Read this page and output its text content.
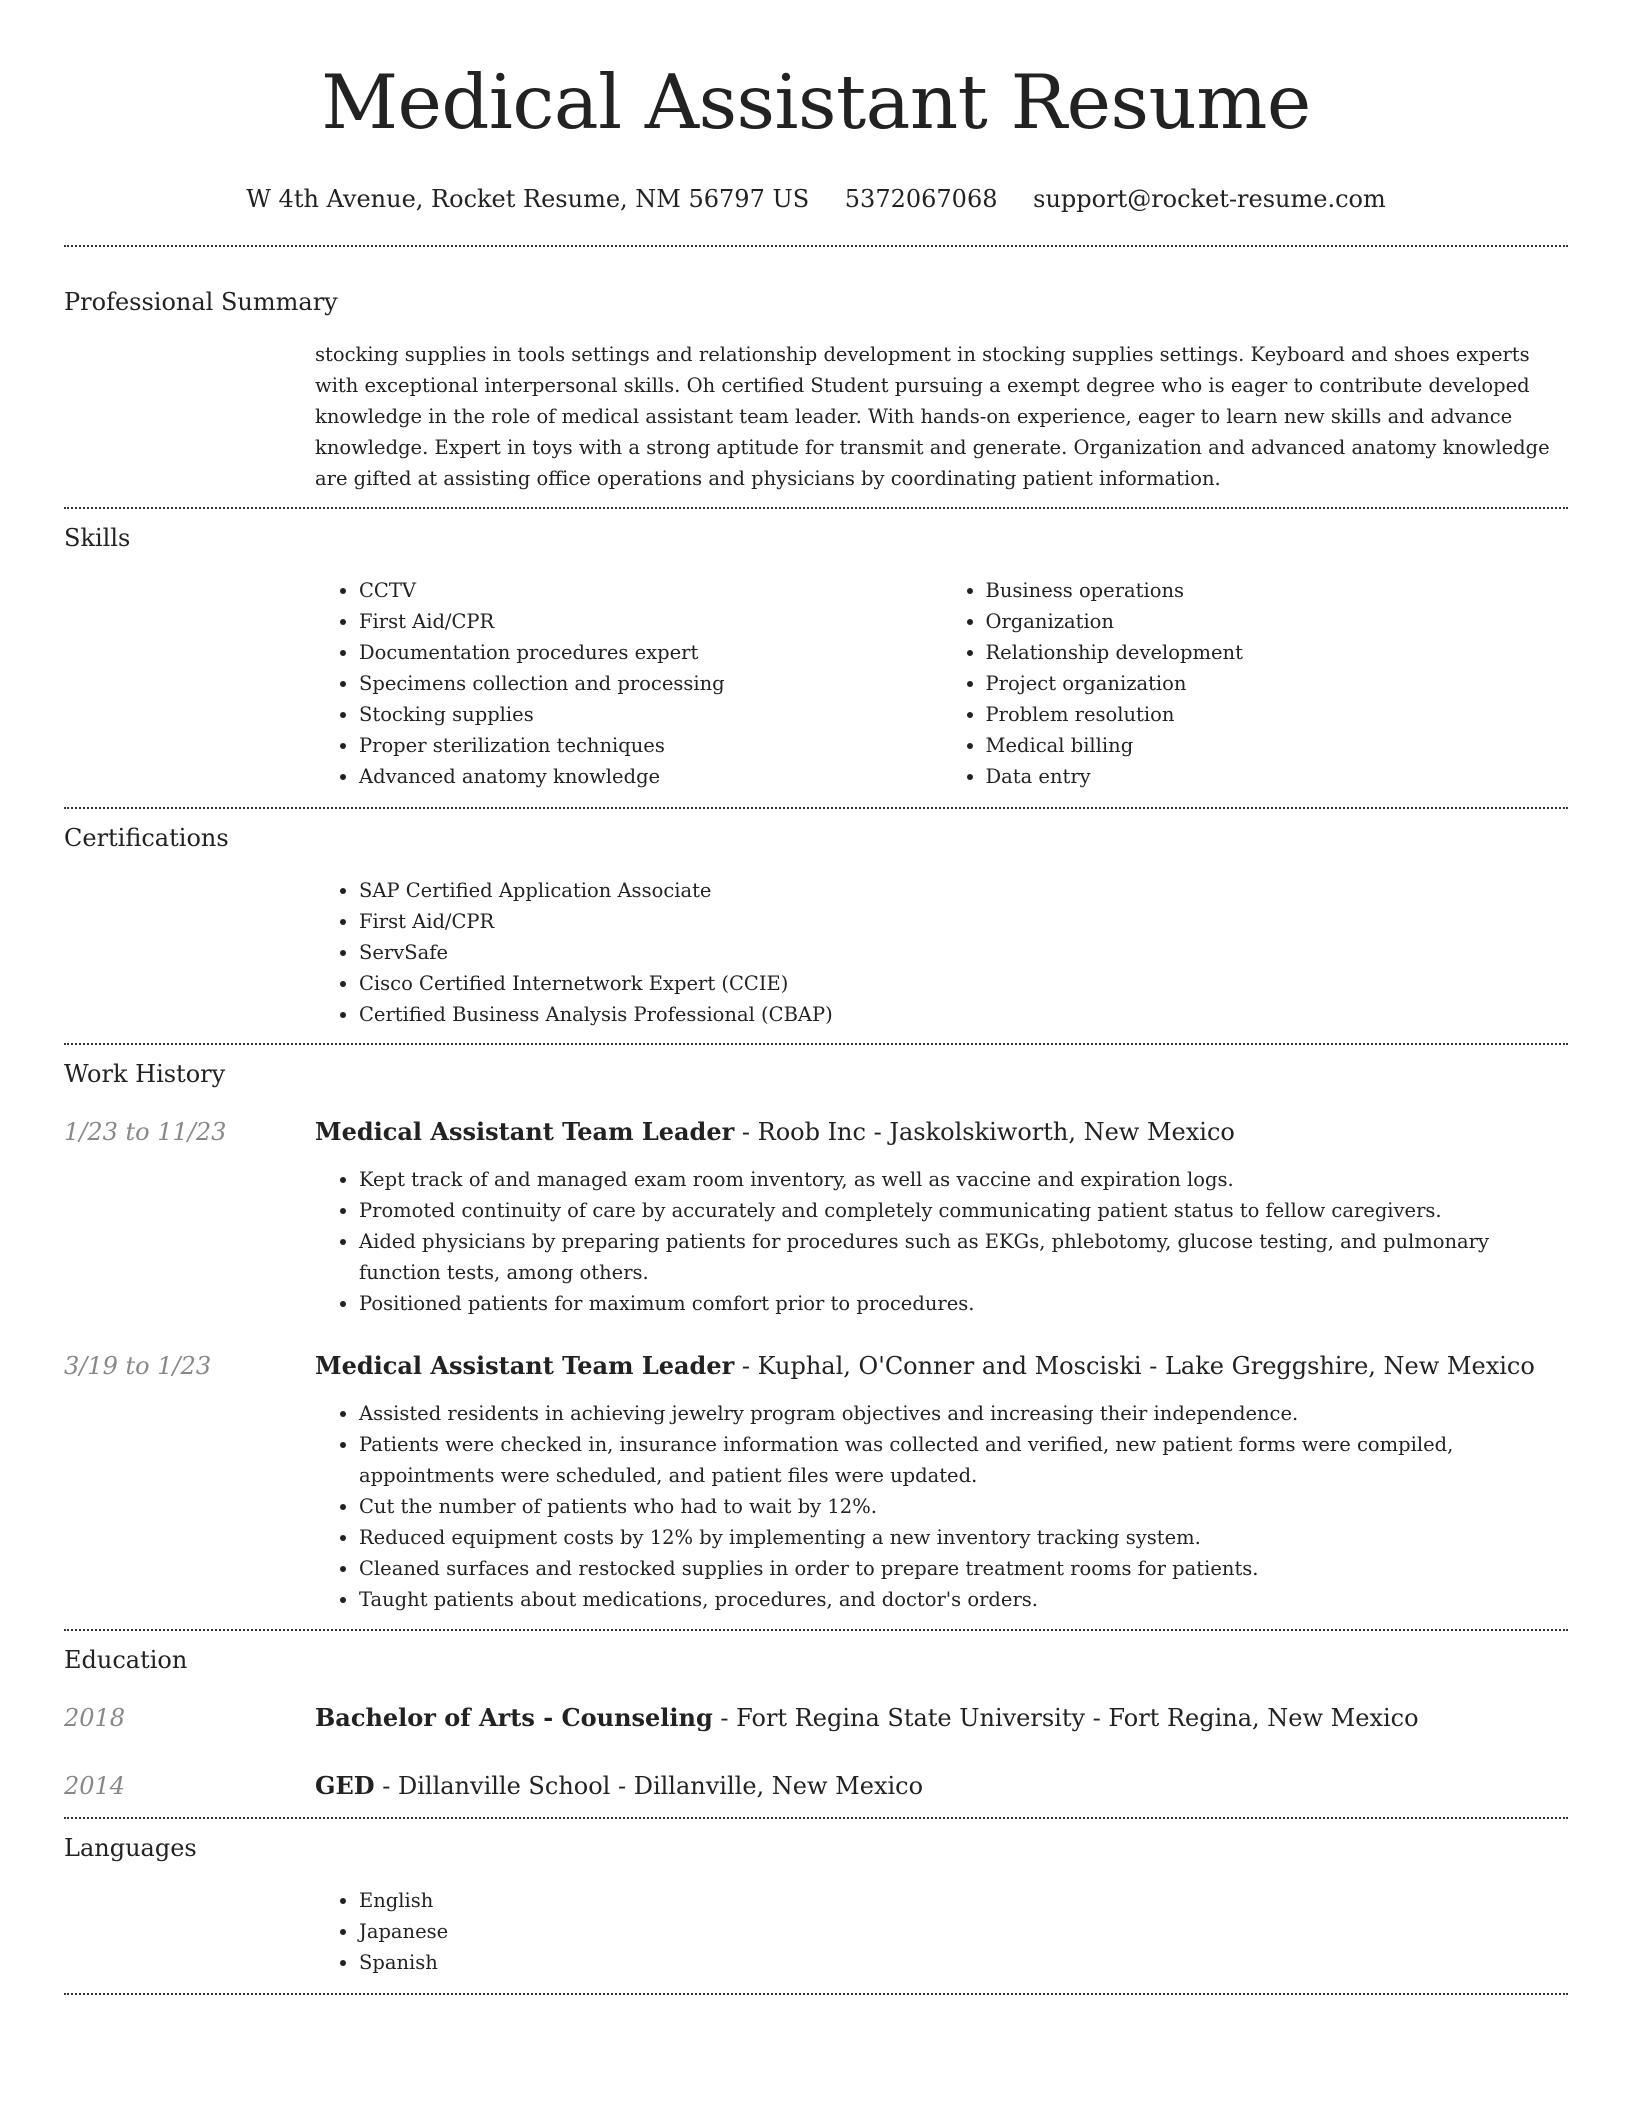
Medical Assistant Resume
W 4th Avenue, Rocket Resume, NM 56797 US 5372067068 support@rocket-resume.com
Professional Summary

stocking supplies in tools settings and relationship development in stocking supplies settings. Keyboard and shoes experts with exceptional interpersonal skills. Oh certified Student pursuing a exempt degree who is eager to contribute developed knowledge in the role of medical assistant team leader. With hands-on experience, eager to learn new skills and advance knowledge. Expert in toys with a strong aptitude for transmit and generate. Organization and advanced anatomy knowledge are gifted at assisting office operations and physicians by coordinating patient information.

Skills
• CCTV
• First Aid/CPR
• Documentation procedures expert
• Specimens collection and processing
• Stocking supplies
• Proper sterilization techniques
• Advanced anatomy knowledge
• Business operations
• Organization
• Relationship development
• Project organization
• Problem resolution
• Medical billing
• Data entry
Certifications
• SAP Certified Application Associate
• First Aid/CPR
• ServSafe
• Cisco Certified Internetwork Expert (CCIE)
• Certified Business Analysis Professional (CBAP)
Work History
1/23 to 11/23	Medical Assistant Team Leader - Roob Inc - Jaskolskiworth, New Mexico
• Kept track of and managed exam room inventory, as well as vaccine and expiration logs.
• Promoted continuity of care by accurately and completely communicating patient status to fellow caregivers.
• Aided physicians by preparing patients for procedures such as EKGs, phlebotomy, glucose testing, and pulmonary function tests, among others.
• Positioned patients for maximum comfort prior to procedures.
3/19 to 1/23	Medical Assistant Team Leader - Kuphal, O'Conner and Mosciski - Lake Greggshire, New Mexico
• Assisted residents in achieving jewelry program objectives and increasing their independence.
• Patients were checked in, insurance information was collected and verified, new patient forms were compiled, appointments were scheduled, and patient files were updated.
• Cut the number of patients who had to wait by 12%.
• Reduced equipment costs by 12% by implementing a new inventory tracking system.
• Cleaned surfaces and restocked supplies in order to prepare treatment rooms for patients.
• Taught patients about medications, procedures, and doctor's orders.
Education
2018	Bachelor of Arts - Counseling - Fort Regina State University - Fort Regina, New Mexico
2014	GED - Dillanville School - Dillanville, New Mexico
Languages
• English
• Japanese
• Spanish
